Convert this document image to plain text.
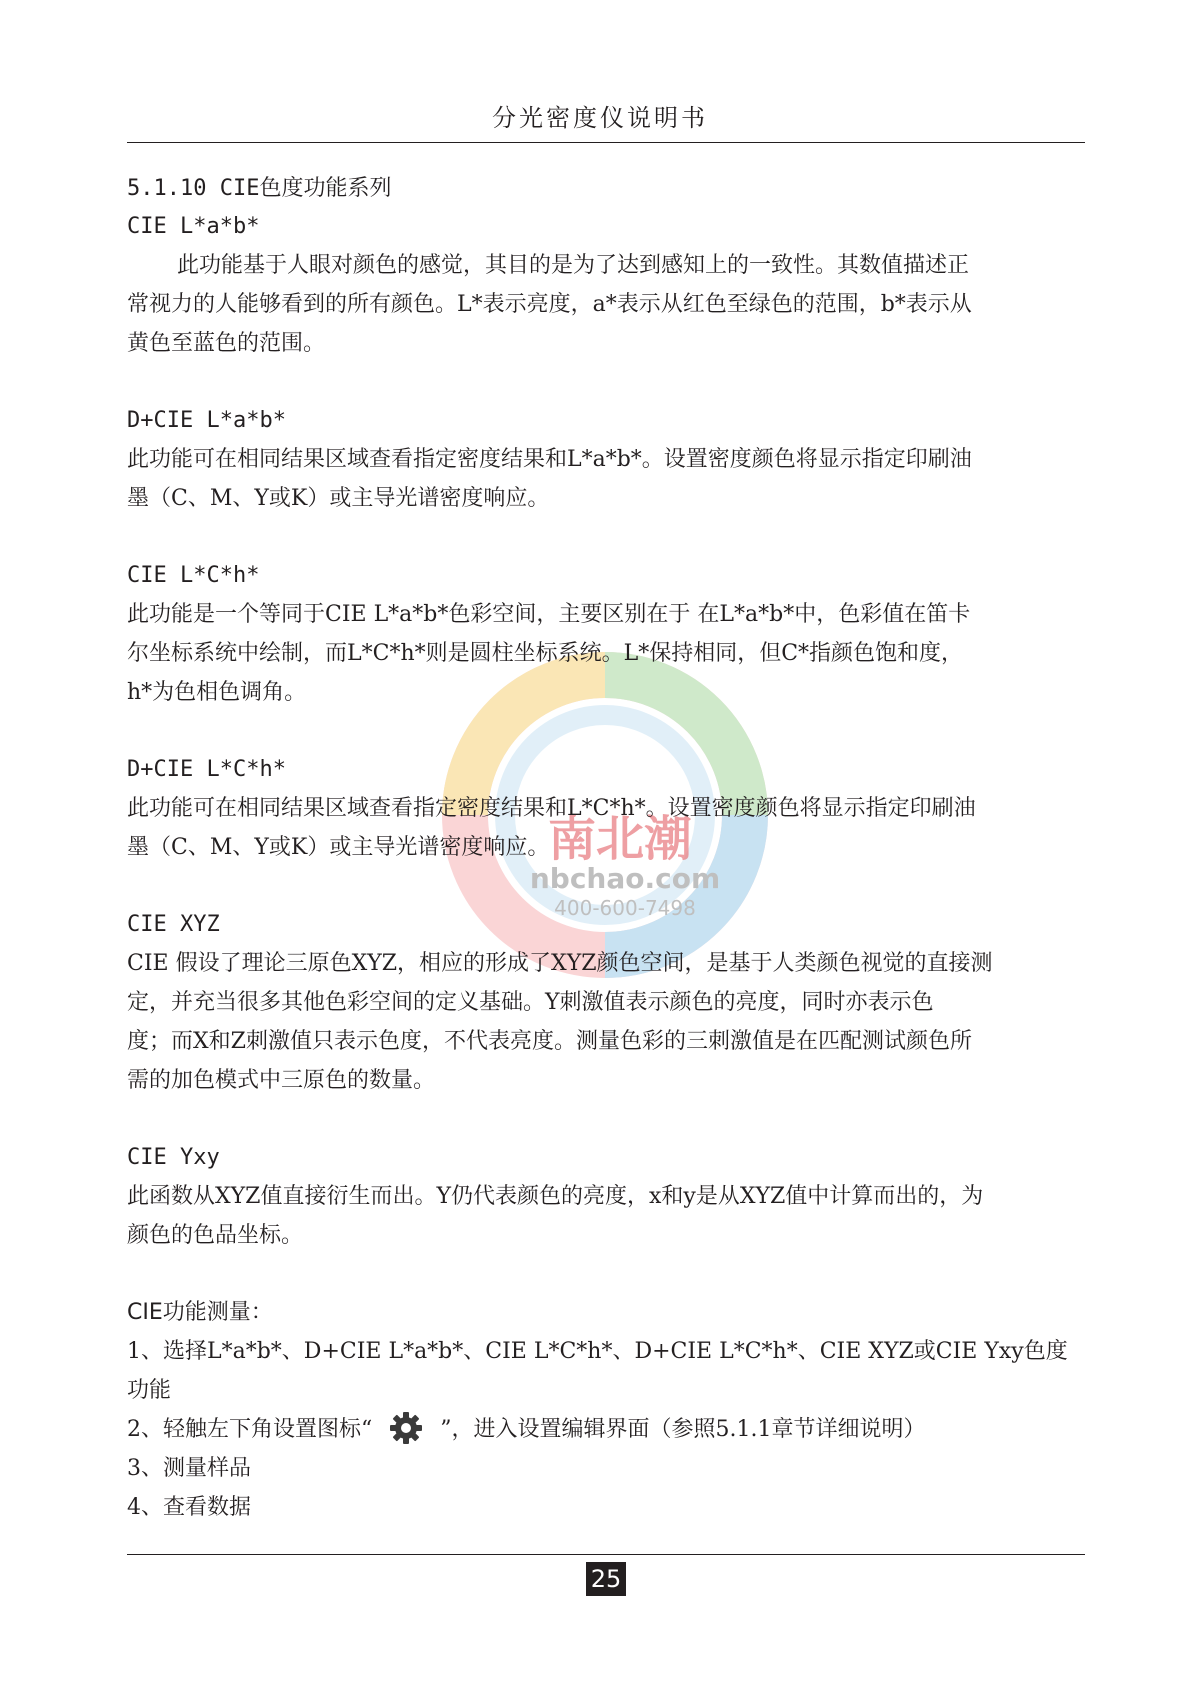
分光密度仪说明书
南北潮
nbchao.com
400-600-7498
5.1.10 CIE色度功能系列
CIE L*a*b*

此功能基于人眼对颜色的感觉，其目的是为了达到感知上的一致性。其数值描述正

常视力的人能够看到的所有颜色。L*表示亮度，a*表示从红色至绿色的范围，b*表示从

黄色至蓝色的范围。

D+CIE L*a*b*

此功能可在相同结果区域查看指定密度结果和L*a*b*。设置密度颜色将显示指定印刷油

墨（C、M、Y或K）或主导光谱密度响应。

CIE L*C*h*

此功能是一个等同于CIE L*a*b*色彩空间，主要区别在于 在L*a*b*中，色彩值在笛卡

尔坐标系统中绘制，而L*C*h*则是圆柱坐标系统。L*保持相同，但C*指颜色饱和度，

h*为色相色调角。

D+CIE L*C*h*

此功能可在相同结果区域查看指定密度结果和L*C*h*。设置密度颜色将显示指定印刷油

墨（C、M、Y或K）或主导光谱密度响应。

CIE XYZ

CIE 假设了理论三原色XYZ，相应的形成了XYZ颜色空间，是基于人类颜色视觉的直接测

定，并充当很多其他色彩空间的定义基础。Y刺激值表示颜色的亮度，同时亦表示色

度；而X和Z刺激值只表示色度，不代表亮度。测量色彩的三刺激值是在匹配测试颜色所

需的加色模式中三原色的数量。

CIE Yxy

此函数从XYZ值直接衍生而出。Y仍代表颜色的亮度，x和y是从XYZ值中计算而出的，为

颜色的色品坐标。

CIE功能测量：
1、选择L*a*b*、D+CIE L*a*b*、CIE L*C*h*、D+CIE L*C*h*、CIE XYZ或CIE Yxy色度
功能
2、轻触左下角设置图标“	”，进入设置编辑界面（参照5.1.1章节详细说明）
3、测量样品
4、查看数据
25
